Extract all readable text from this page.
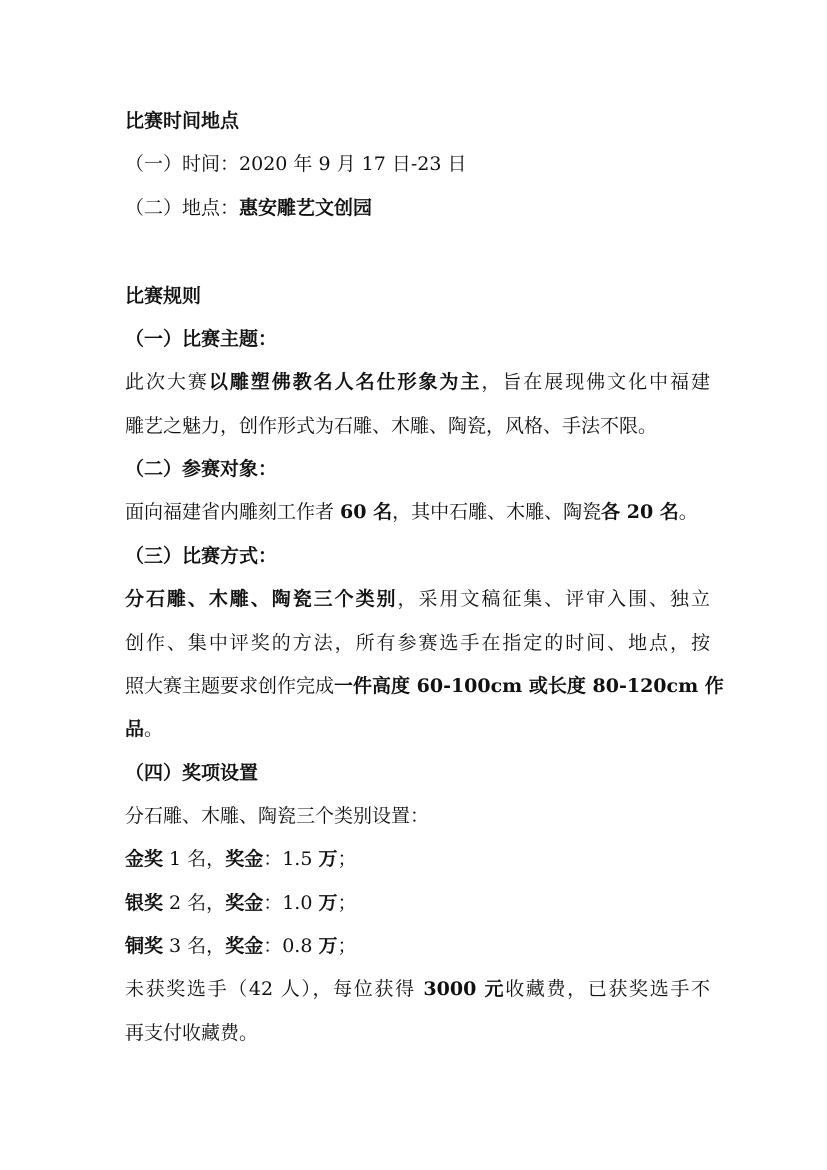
比赛时间地点
（一）时间：2020 年 9 月 17 日-23 日
（二）地点：惠安雕艺文创园
比赛规则
（一）比赛主题：
此次大赛以雕塑佛教名人名仕形象为主，旨在展现佛文化中福建
雕艺之魅力，创作形式为石雕、木雕、陶瓷，风格、手法不限。
（二）参赛对象：
面向福建省内雕刻工作者 60 名，其中石雕、木雕、陶瓷各 20 名。
（三）比赛方式：
分石雕、木雕、陶瓷三个类别，采用文稿征集、评审入围、独立
创作、集中评奖的方法，所有参赛选手在指定的时间、地点，按
照大赛主题要求创作完成一件高度 60-100cm 或长度 80-120cm 作
品。
（四）奖项设置
分石雕、木雕、陶瓷三个类别设置：
金奖 1 名，奖金：1.5 万；
银奖 2 名，奖金：1.0 万；
铜奖 3 名，奖金：0.8 万；
未获奖选手（42 人），每位获得 3000 元收藏费，已获奖选手不
再支付收藏费。
